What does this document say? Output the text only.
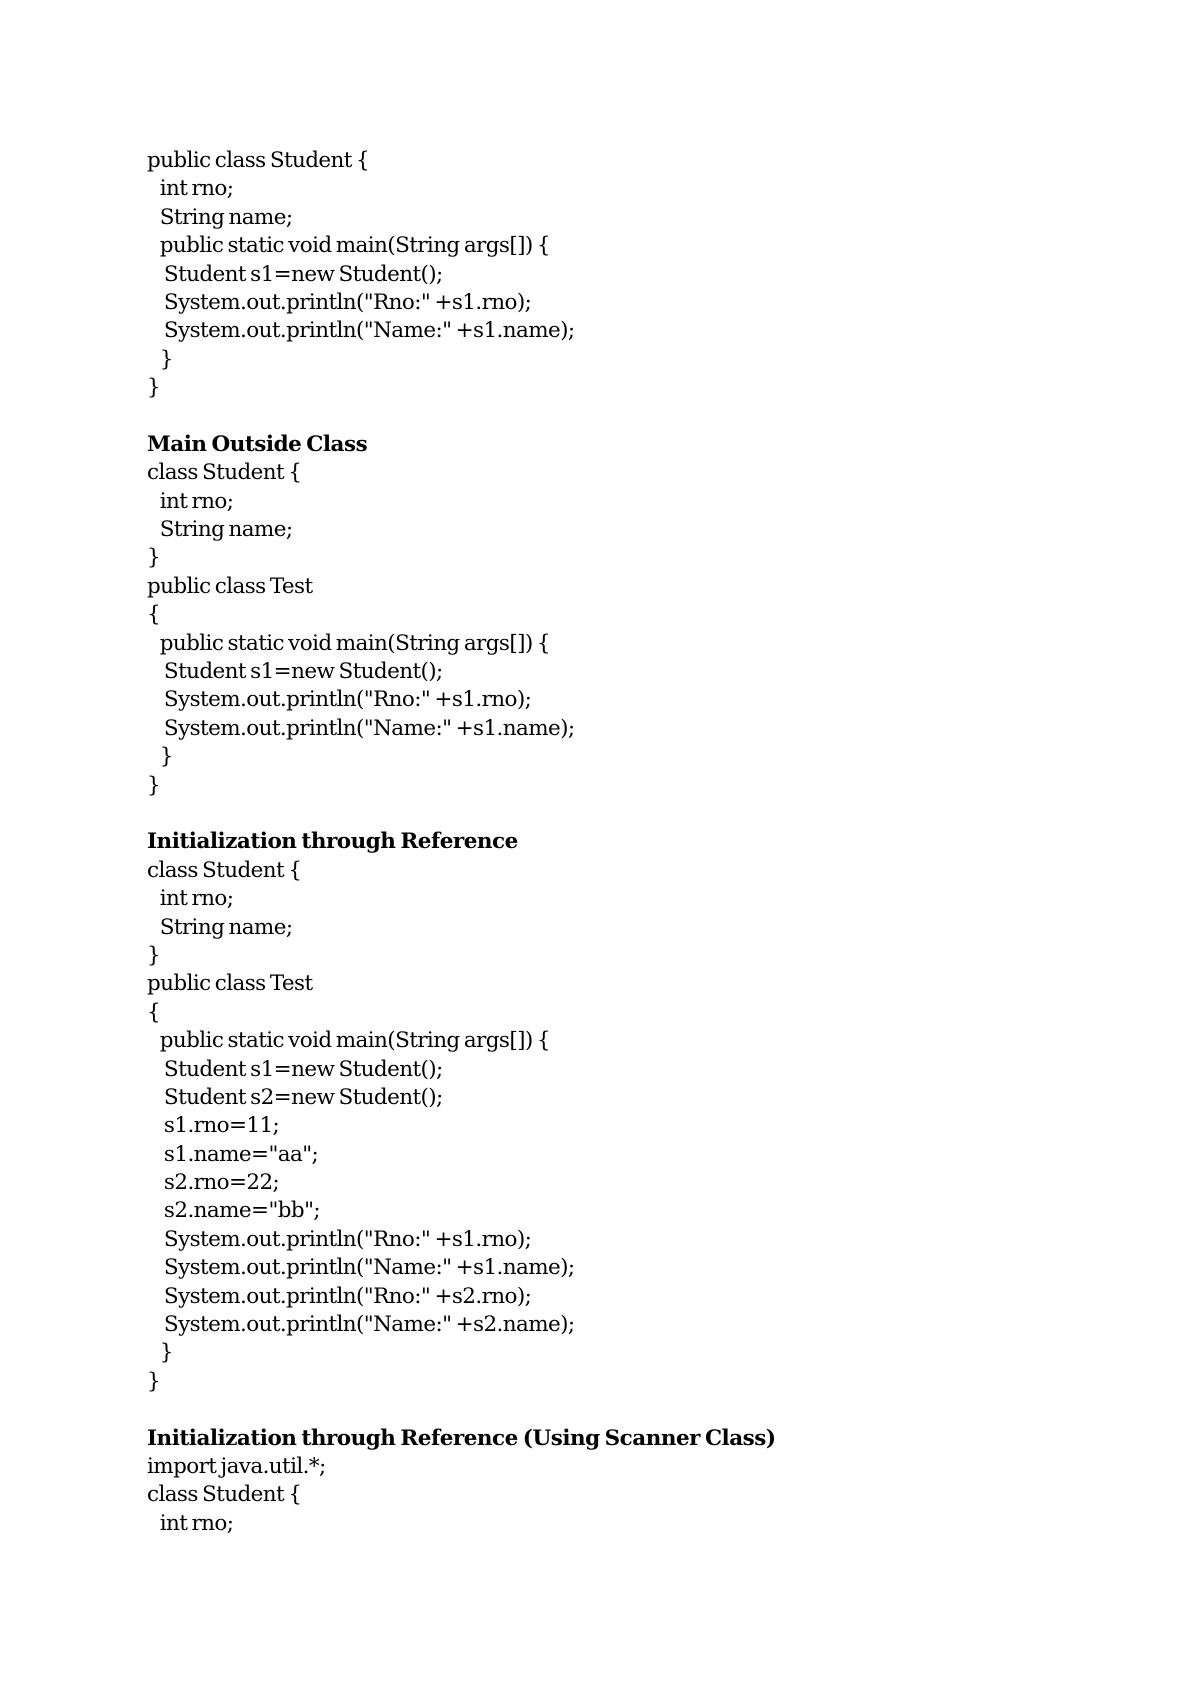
public class Student {
int rno;
String name;
public static void main(String args[]) {
Student s1=new Student();
System.out.println("Rno:" +s1.rno);
System.out.println("Name:" +s1.name);
}
}
Main Outside Class
class Student {
int rno;
String name;
}
public class Test
{
public static void main(String args[]) {
Student s1=new Student();
System.out.println("Rno:" +s1.rno);
System.out.println("Name:" +s1.name);
}
}
Initialization through Reference
class Student {
int rno;
String name;
}
public class Test
{
public static void main(String args[]) {
Student s1=new Student();
Student s2=new Student();
s1.rno=11;
s1.name="aa";
s2.rno=22;
s2.name="bb";
System.out.println("Rno:" +s1.rno);
System.out.println("Name:" +s1.name);
System.out.println("Rno:" +s2.rno);
System.out.println("Name:" +s2.name);
}
}
Initialization through Reference (Using Scanner Class)
import java.util.*;
class Student {
int rno;
